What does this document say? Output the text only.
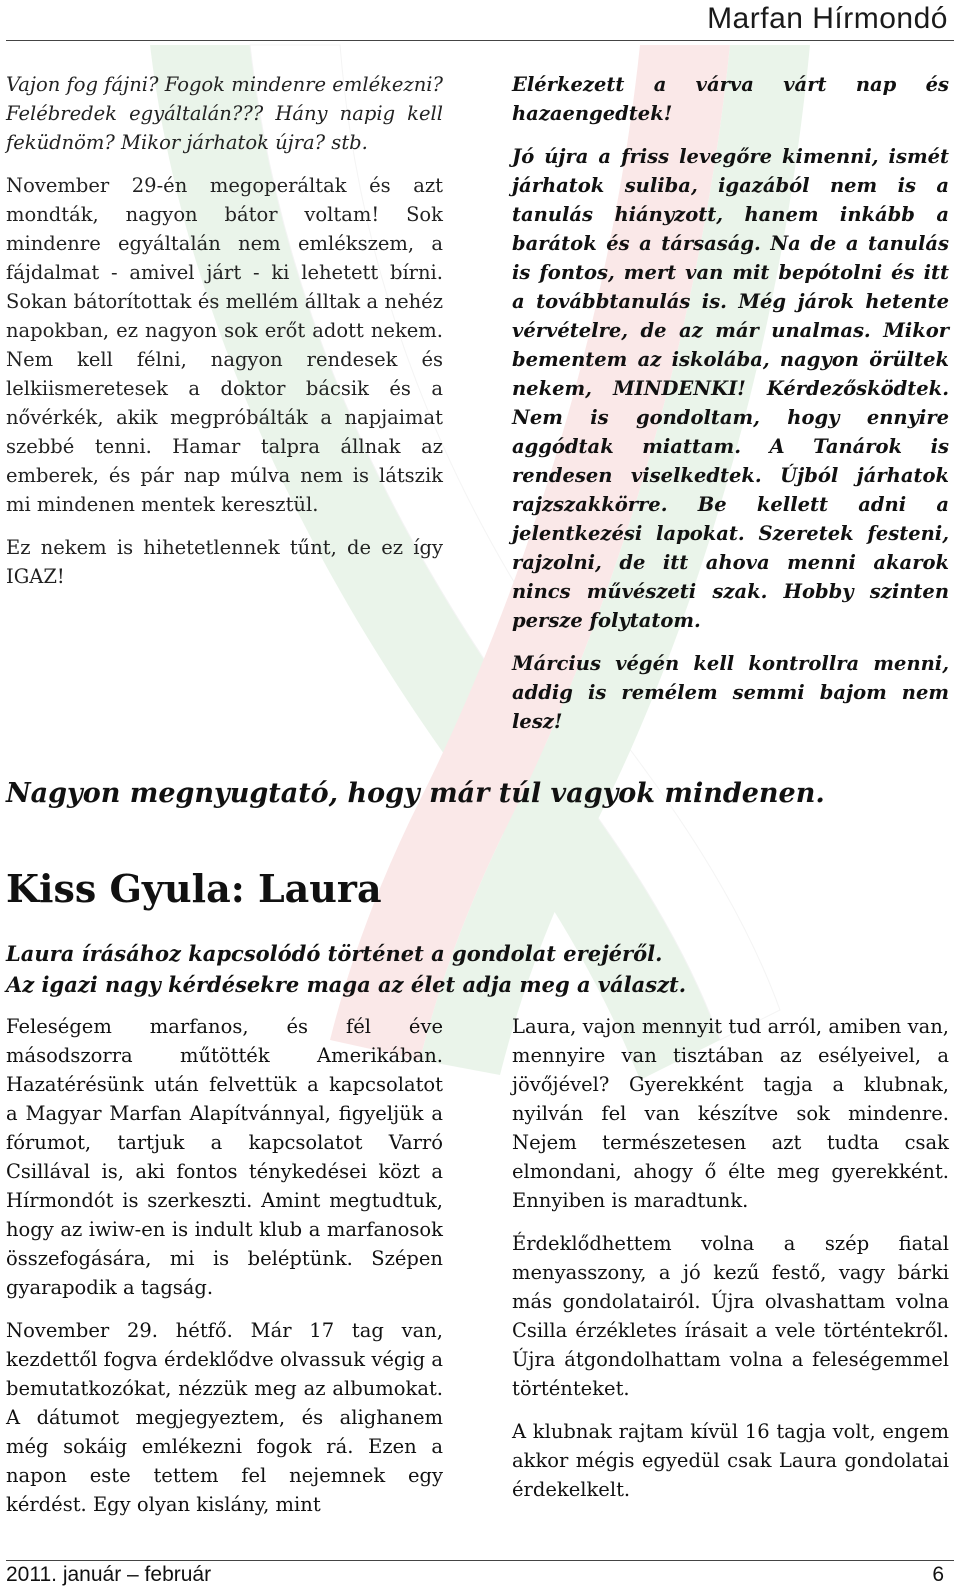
Marfan Hírmondó

Vajon fog fájni? Fogok mindenre emlékezni? Felébredek egyáltalán??? Hány napig kell feküdnöm? Mikor járhatok újra? stb.

November 29-én megoperáltak és azt mondták, nagyon bátor voltam! Sok mindenre egyáltalán nem emlékszem, a fájdalmat - amivel járt - ki lehetett bírni. Sokan bátorítottak és mellém álltak a nehéz napokban, ez nagyon sok erőt adott nekem. Nem kell félni, nagyon rendesek és lelkiismeretesek a doktor bácsik és a nővérkék, akik megpróbálták a napjaimat szebbé tenni. Hamar talpra állnak az emberek, és pár nap múlva nem is látszik mi mindenen mentek keresztül.

Ez nekem is hihetetlennek tűnt, de ez így IGAZ!

Elérkezett a várva várt nap és hazaengedtek!

Jó újra a friss levegőre kimenni, ismét járhatok suliba, igazából nem is a tanulás hiányzott, hanem inkább a barátok és a társaság. Na de a tanulás is fontos, mert van mit bepótolni és itt a továbbtanulás is. Még járok hetente vérvételre, de az már unalmas. Mikor bementem az iskolába, nagyon örültek nekem, MINDENKI! Kérdezősködtek. Nem is gondoltam, hogy ennyire aggódtak miattam. A Tanárok is rendesen viselkedtek. Újból járhatok rajzszakkörre. Be kellett adni a jelentkezési lapokat. Szeretek festeni, rajzolni, de itt ahova menni akarok nincs művészeti szak. Hobby szinten persze folytatom.

Március végén kell kontrollra menni, addig is remélem semmi bajom nem lesz!

Nagyon megnyugtató, hogy már túl vagyok mindenen.
Kiss Gyula: Laura
Laura írásához kapcsolódó történet a gondolat erejéről.
Az igazi nagy kérdésekre maga az élet adja meg a választ.

Feleségem marfanos, és fél éve másodszorra műtötték Amerikában. Hazatérésünk után felvettük a kapcsolatot a Magyar Marfan Alapítvánnyal, figyeljük a fórumot, tartjuk a kapcsolatot Varró Csillával is, aki fontos ténykedései közt a Hírmondót is szerkeszti. Amint megtudtuk, hogy az iwiw-en is indult klub a marfanosok összefogására, mi is beléptünk. Szépen gyarapodik a tagság.

November 29. hétfő. Már 17 tag van, kezdettől fogva érdeklődve olvassuk végig a bemutatkozókat, nézzük meg az albumokat. A dátumot megjegyeztem, és alighanem még sokáig emlékezni fogok rá. Ezen a napon este tettem fel nejemnek egy kérdést. Egy olyan kislány, mint

Laura, vajon mennyit tud arról, amiben van, mennyire van tisztában az esélyeivel, a jövőjével? Gyerekként tagja a klubnak, nyilván fel van készítve sok mindenre. Nejem természetesen azt tudta csak elmondani, ahogy ő élte meg gyerekként. Ennyiben is maradtunk.

Érdeklődhettem volna a szép fiatal menyasszony, a jó kezű festő, vagy bárki más gondolatairól. Újra olvashattam volna Csilla érzékletes írásait a vele történtekről. Újra átgondolhattam volna a feleségemmel történteket.

A klubnak rajtam kívül 16 tagja volt, engem akkor mégis egyedül csak Laura gondolatai érdekelkelt.

2011. január – február	6
